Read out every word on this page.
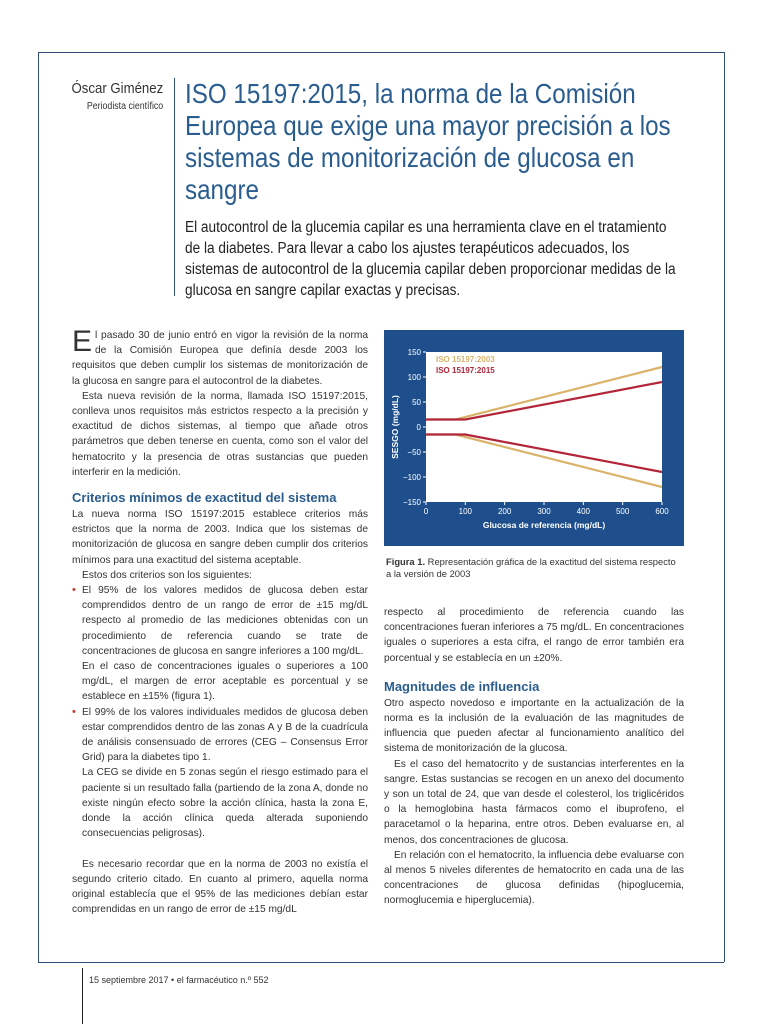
Óscar Giménez
Periodista científico ISO 15197:2015, la norma de la Comisión Europea que exige una mayor precisión a los sistemas de monitorización de glucosa en sangre

El autocontrol de la glucemia capilar es una herramienta clave en el tratamiento de la diabetes. Para llevar a cabo los ajustes terapéuticos adecuados, los sistemas de autocontrol de la glucemia capilar deben proporcionar medidas de la glucosa en sangre capilar exactas y precisas.

El pasado 30 de junio entró en vigor la revisión de la norma de la Comisión Europea que definía desde 2003 los requisitos que deben cumplir los sistemas de monitorización de la glucosa en sangre para el autocontrol de la diabetes.

Esta nueva revisión de la norma, llamada ISO 15197:2015, conlleva unos requisitos más estrictos respecto a la precisión y exactitud de dichos sistemas, al tiempo que añade otros parámetros que deben tenerse en cuenta, como son el valor del hematocrito y la presencia de otras sustancias que pueden interferir en la medición.

Criterios mínimos de exactitud del sistema

La nueva norma ISO 15197:2015 establece criterios más estrictos que la norma de 2003. Indica que los sistemas de monitorización de glucosa en sangre deben cumplir dos criterios mínimos para una exactitud del sistema aceptable.

Estos dos criterios son los siguientes:

• El 95% de los valores medidos de glucosa deben estar comprendidos dentro de un rango de error de ±15 mg/dL respecto al promedio de las mediciones obtenidas con un procedimiento de referencia cuando se trate de concentraciones de glucosa en sangre inferiores a 100 mg/dL.

En el caso de concentraciones iguales o superiores a 100 mg/dL, el margen de error aceptable es porcentual y se establece en ±15% (figura 1).

• El 99% de los valores individuales medidos de glucosa deben estar comprendidos dentro de las zonas A y B de la cuadrícula de análisis consensuado de errores (CEG – Consensus Error Grid) para la diabetes tipo 1.

La CEG se divide en 5 zonas según el riesgo estimado para el paciente si un resultado falla (partiendo de la zona A, donde no existe ningún efecto sobre la acción clínica, hasta la zona E, donde la acción clínica queda alterada suponiendo consecuencias peligrosas).

Es necesario recordar que en la norma de 2003 no existía el segundo criterio citado. En cuanto al primero, aquella norma original establecía que el 95% de las mediciones debían estar comprendidas en un rango de error de ±15 mg/dL

150
100
50
0
−50
−100
−150
0	100	200	300	400	500	600
Glucosa de referencia (mg/dL)
SESGO (mg/dL)
ISO 15197:2003
ISO 15197:2015

Figura 1. Representación gráfica de la exactitud del sistema respecto a la versión de 2003

respecto al procedimiento de referencia cuando las concentraciones fueran inferiores a 75 mg/dL. En concentraciones iguales o superiores a esta cifra, el rango de error también era porcentual y se establecía en un ±20%.

Magnitudes de influencia

Otro aspecto novedoso e importante en la actualización de la norma es la inclusión de la evaluación de las magnitudes de influencia que pueden afectar al funcionamiento analítico del sistema de monitorización de la glucosa.

Es el caso del hematocrito y de sustancias interferentes en la sangre. Estas sustancias se recogen en un anexo del documento y son un total de 24, que van desde el colesterol, los triglicéridos o la hemoglobina hasta fármacos como el ibuprofeno, el paracetamol o la heparina, entre otros. Deben evaluarse en, al menos, dos concentraciones de glucosa.

En relación con el hematocrito, la influencia debe evaluarse con al menos 5 niveles diferentes de hematocrito en cada una de las concentraciones de glucosa definidas (hipoglucemia, normoglucemia e hiperglucemia).

15 septiembre 2017 • el farmacéutico n.º 552
